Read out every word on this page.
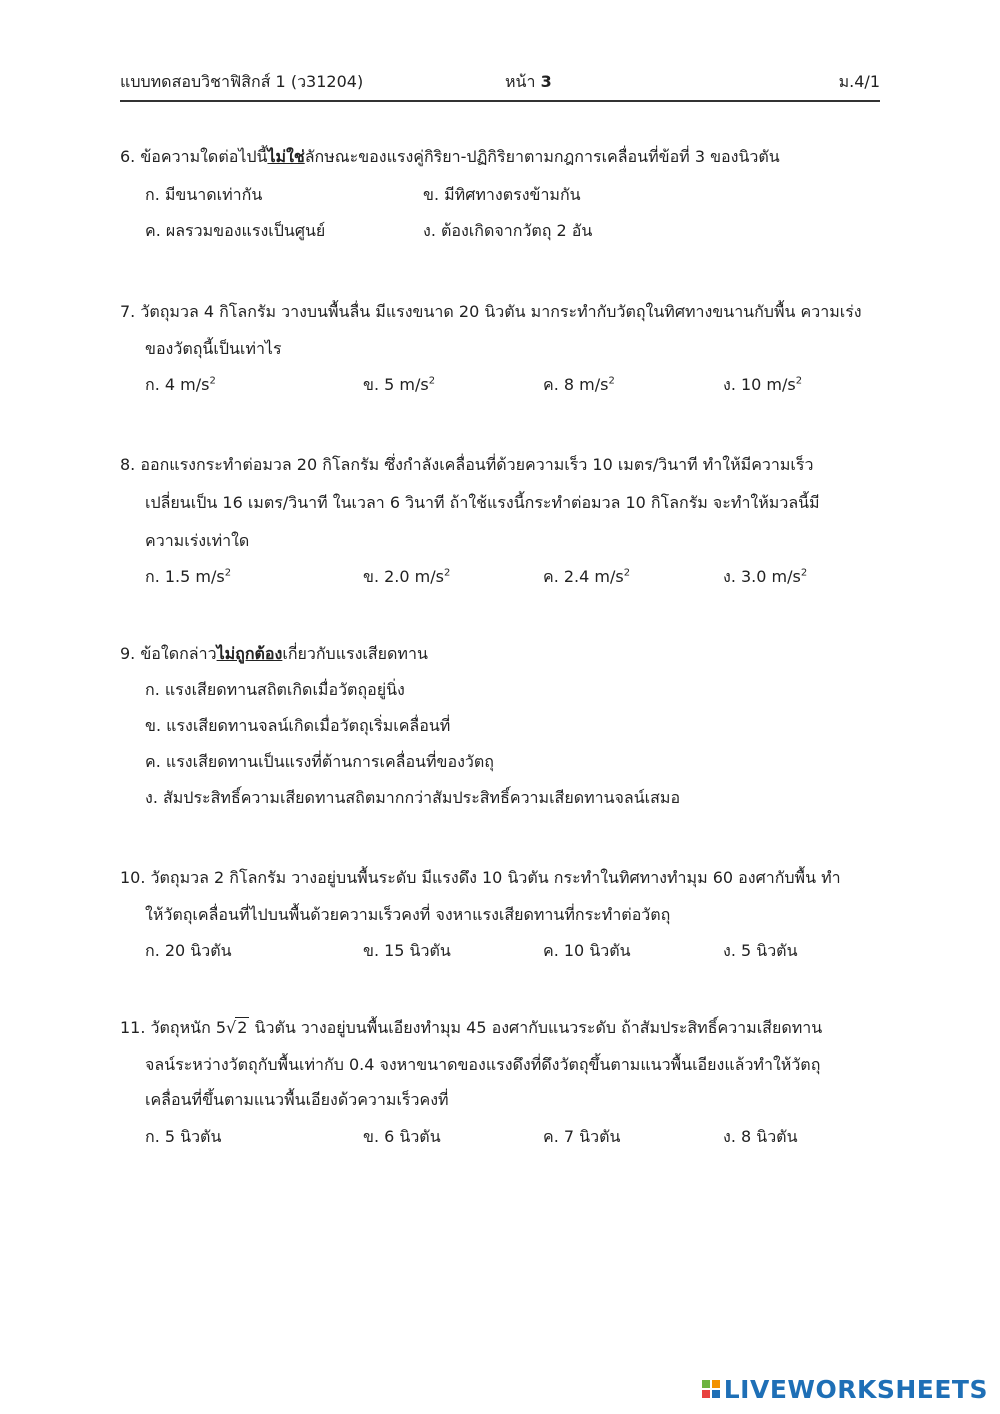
แบบทดสอบวิชาฟิสิกส์ 1 (ว31204)	หน้า 3	ม.4/1
6. ข้อความใดต่อไปนี้ไม่ใช่ลักษณะของแรงคู่กิริยา-ปฏิกิริยาตามกฎการเคลื่อนที่ข้อที่ 3 ของนิวตัน
ก. มีขนาดเท่ากัน	ข. มีทิศทางตรงข้ามกัน
ค. ผลรวมของแรงเป็นศูนย์	ง. ต้องเกิดจากวัตถุ 2 อัน
7. วัตถุมวล 4 กิโลกรัม วางบนพื้นลื่น มีแรงขนาด 20 นิวตัน มากระทำกับวัตถุในทิศทางขนานกับพื้น ความเร่ง
ของวัตถุนี้เป็นเท่าไร
ก. 4 $m/s^2$	ข. 5 $m/s^2$	ค. 8 $m/s^2$	ง. 10 $m/s^2$
8. ออกแรงกระทำต่อมวล 20 กิโลกรัม ซึ่งกำลังเคลื่อนที่ด้วยความเร็ว 10 เมตร/วินาที ทำให้มีความเร็ว
เปลี่ยนเป็น 16 เมตร/วินาที ในเวลา 6 วินาที ถ้าใช้แรงนี้กระทำต่อมวล 10 กิโลกรัม จะทำให้มวลนี้มี
ความเร่งเท่าใด
ก. 1.5 $m/s^2$	ข. 2.0 $m/s^2$	ค. 2.4 $m/s^2$	ง. 3.0 $m/s^2$
9. ข้อใดกล่าวไม่ถูกต้องเกี่ยวกับแรงเสียดทาน
ก. แรงเสียดทานสถิตเกิดเมื่อวัตถุอยู่นิ่ง
ข. แรงเสียดทานจลน์เกิดเมื่อวัตถุเริ่มเคลื่อนที่
ค. แรงเสียดทานเป็นแรงที่ต้านการเคลื่อนที่ของวัตถุ
ง. สัมประสิทธิ์ความเสียดทานสถิตมากกว่าสัมประสิทธิ์ความเสียดทานจลน์เสมอ
10. วัตถุมวล 2 กิโลกรัม วางอยู่บนพื้นระดับ มีแรงดึง 10 นิวตัน กระทำในทิศทางทำมุม 60 องศากับพื้น ทำ
ให้วัตถุเคลื่อนที่ไปบนพื้นด้วยความเร็วคงที่ จงหาแรงเสียดทานที่กระทำต่อวัตถุ
ก. 20 นิวตัน	ข. 15 นิวตัน	ค. 10 นิวตัน	ง. 5 นิวตัน
11. วัตถุหนัก 5√2 นิวตัน วางอยู่บนพื้นเอียงทำมุม 45 องศากับแนวระดับ ถ้าสัมประสิทธิ์ความเสียดทาน
จลน์ระหว่างวัตถุกับพื้นเท่ากับ 0.4 จงหาขนาดของแรงดึงที่ดึงวัตถุขึ้นตามแนวพื้นเอียงแล้วทำให้วัตถุ
เคลื่อนที่ขึ้นตามแนวพื้นเอียงด้วความเร็วคงที่
ก. 5 นิวตัน	ข. 6 นิวตัน	ค. 7 นิวตัน	ง. 8 นิวตัน
LIVEWORKSHEETS
